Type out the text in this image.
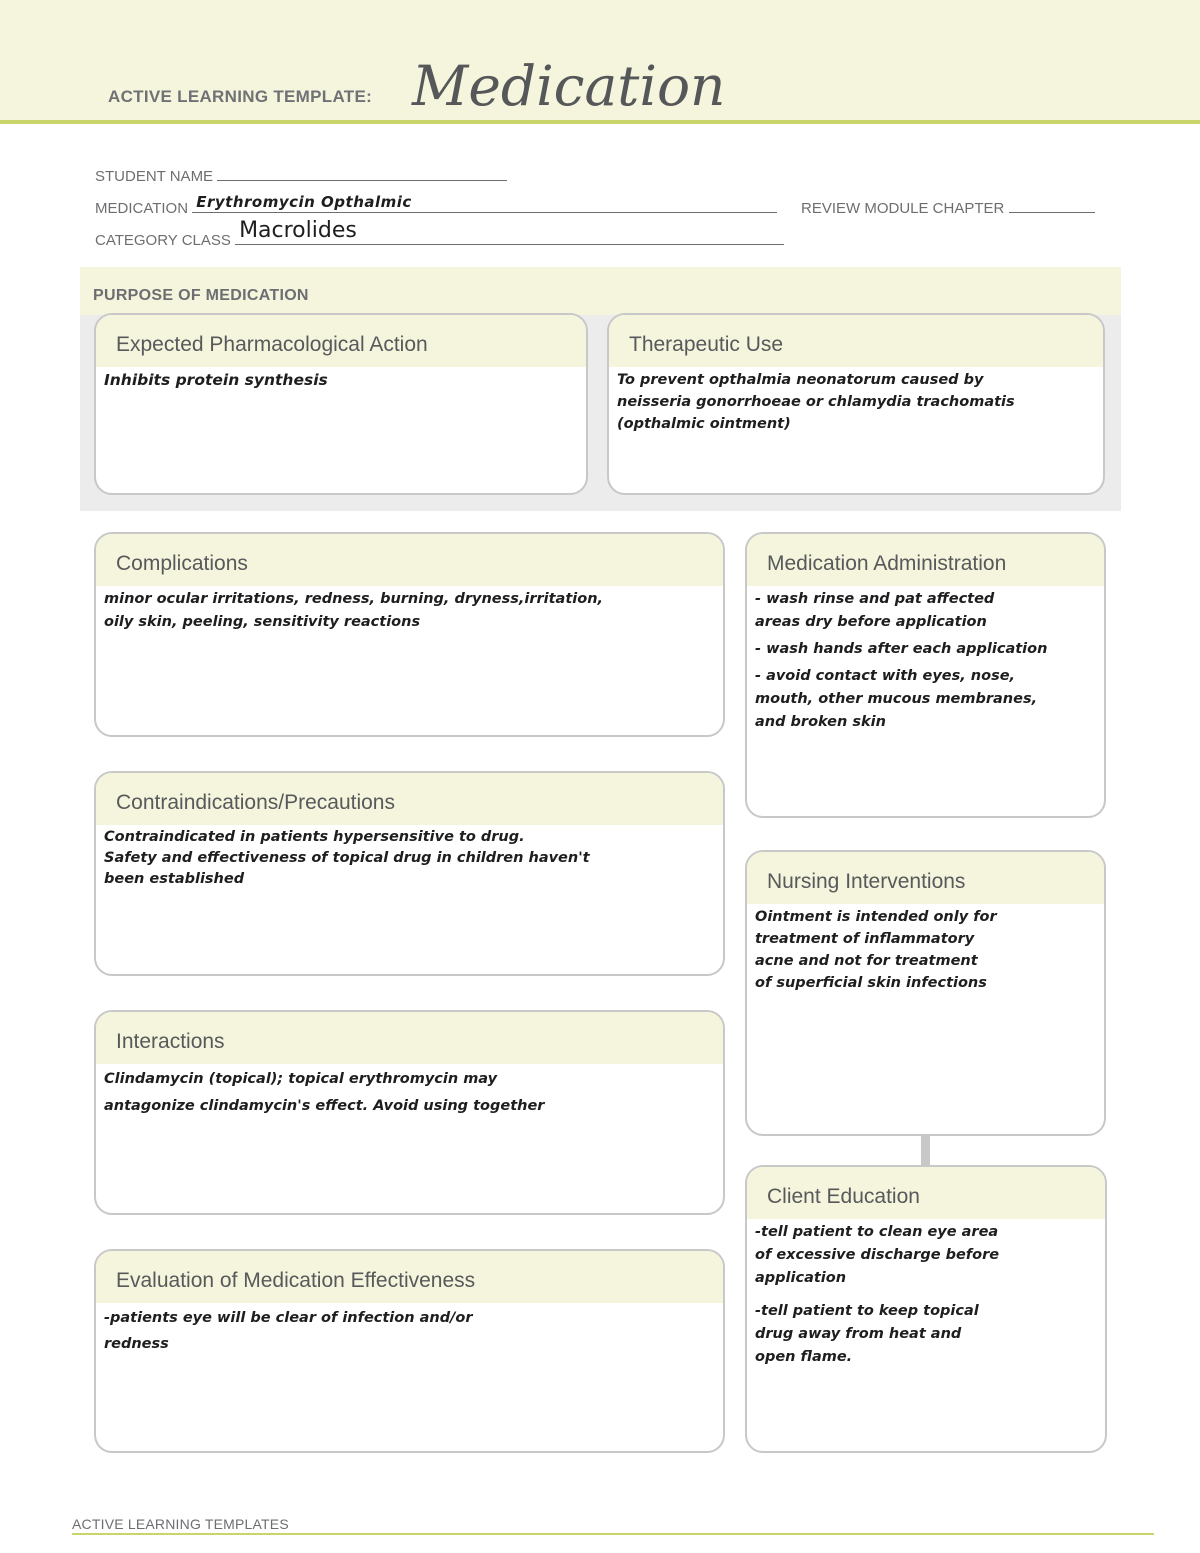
ACTIVE LEARNING TEMPLATE: Medication
STUDENT NAME
MEDICATION Erythromycin Opthalmic	REVIEW MODULE CHAPTER
CATEGORY CLASS Macrolides
PURPOSE OF MEDICATION
Expected Pharmacological Action

Inhibits protein synthesis

Therapeutic Use

To prevent opthalmia neonatorum caused by

neisseria gonorrhoeae or chlamydia trachomatis

(opthalmic ointment)

Complications

minor ocular irritations, redness, burning, dryness,irritation,

oily skin, peeling, sensitivity reactions

Medication Administration

- wash rinse and pat affected

areas dry before application

- wash hands after each application

- avoid contact with eyes, nose,

mouth, other mucous membranes,

and broken skin

Contraindications/Precautions

Contraindicated in patients hypersensitive to drug.

Safety and effectiveness of topical drug in children haven't

been established	Nursing Interventions

Ointment is intended only for

treatment of inflammatory

acne and not for treatment

of superficial skin infections

Interactions

Clindamycin (topical); topical erythromycin may

antagonize clindamycin's effect. Avoid using together

Client Education

-tell patient to clean eye area

of excessive discharge before

application

-tell patient to keep topical

drug away from heat and

open flame.

Evaluation of Medication Effectiveness

-patients eye will be clear of infection and/or

redness

ACTIVE LEARNING TEMPLATES
